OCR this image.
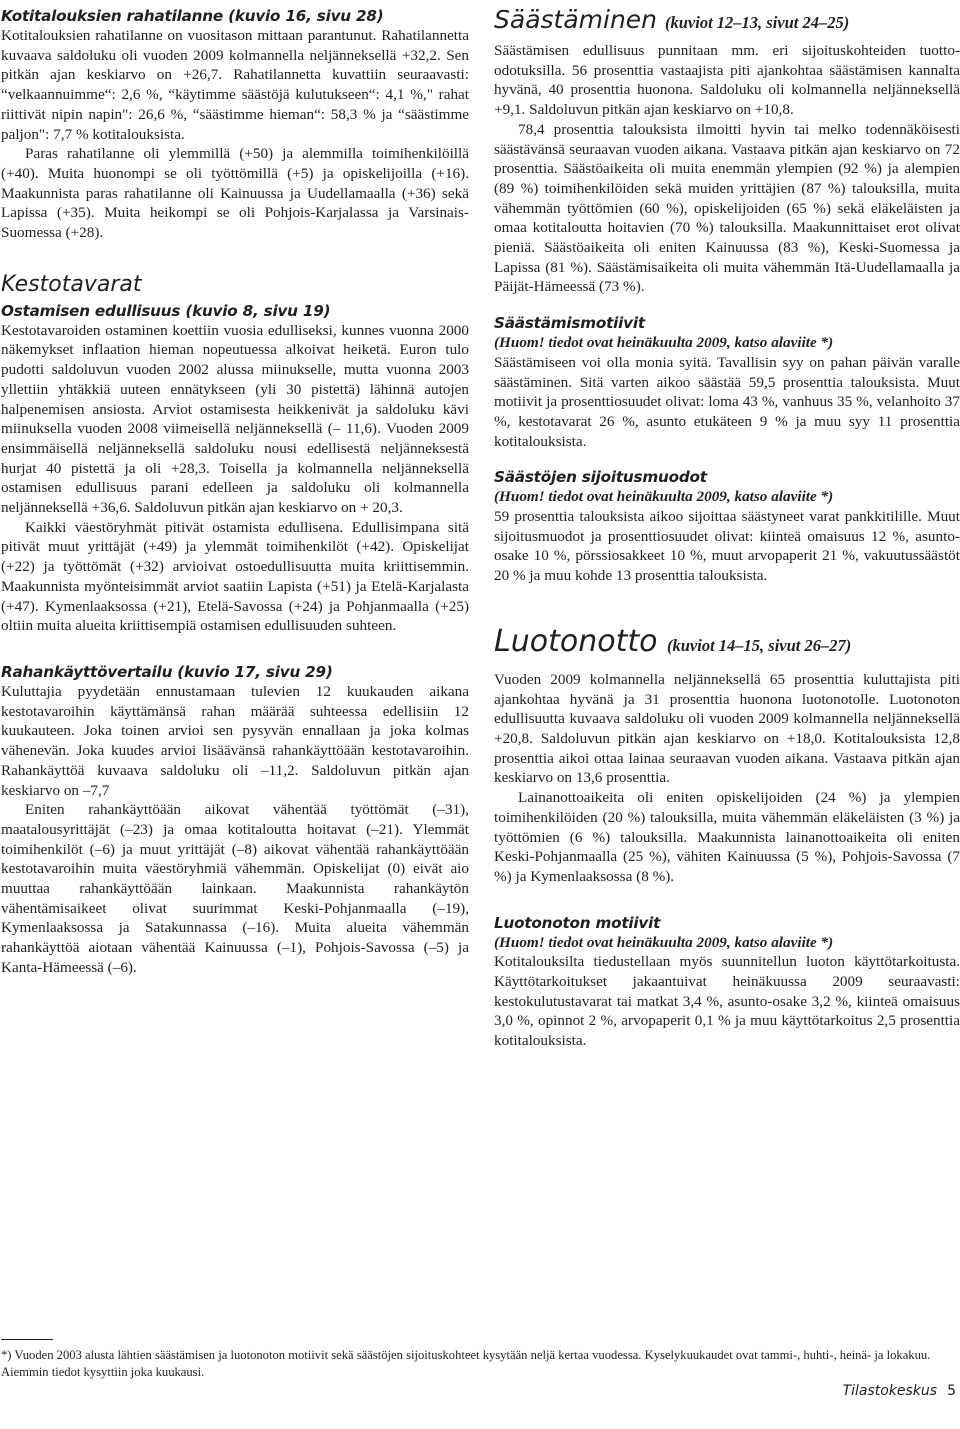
Kotitalouksien rahatilanne (kuvio 16, sivu 28)

Kotitalouksien rahatilanne on vuositason mittaan parantunut. Rahatilannetta kuvaava saldoluku oli vuoden 2009 kolmannella neljänneksellä +32,2. Sen pitkän ajan keskiarvo on +26,7. Rahatilannetta kuvattiin seuraavasti: “velkaannuimme“: 2,6 %, “käytimme säästöjä kulutukseen“: 4,1 %," rahat riittivät nipin napin": 26,6 %, “säästimme hieman“: 58,3 % ja “säästimme paljon": 7,7 % kotitalouksista.

Paras rahatilanne oli ylemmillä (+50) ja alemmilla toimihenkilöillä (+40). Muita huonompi se oli työttömillä (+5) ja opiskelijoilla (+16). Maakunnista paras rahatilanne oli Kainuussa ja Uudellamaalla (+36) sekä Lapissa (+35). Muita heikompi se oli Pohjois-Karjalassa ja Varsinais-Suomessa (+28).

Kestotavarat
Ostamisen edullisuus (kuvio 8, sivu 19)

Kestotavaroiden ostaminen koettiin vuosia edulliseksi, kunnes vuonna 2000 näkemykset inflaation hieman nopeutuessa alkoivat heiketä. Euron tulo pudotti saldoluvun vuoden 2002 alussa miinukselle, mutta vuonna 2003 yllettiin yhtäkkiä uuteen ennätykseen (yli 30 pistettä) lähinnä autojen halpenemisen ansiosta. Arviot ostamisesta heikkenivät ja saldoluku kävi miinuksella vuoden 2008 viimeisellä neljänneksellä (– 11,6). Vuoden 2009 ensimmäisellä neljänneksellä saldoluku nousi edellisestä neljänneksestä hurjat 40 pistettä ja oli +28,3. Toisella ja kolmannella neljänneksellä ostamisen edullisuus parani edelleen ja saldoluku oli kolmannella neljänneksellä +36,6. Saldoluvun pitkän ajan keskiarvo on + 20,3.

Kaikki väestöryhmät pitivät ostamista edullisena. Edullisimpana sitä pitivät muut yrittäjät (+49) ja ylemmät toimihenkilöt (+42). Opiskelijat (+22) ja työttömät (+32) arvioivat ostoedullisuutta muita kriittisemmin. Maakunnista myönteisimmät arviot saatiin Lapista (+51) ja Etelä-Karjalasta (+47). Kymenlaaksossa (+21), Etelä-Savossa (+24) ja Pohjanmaalla (+25) oltiin muita alueita kriittisempiä ostamisen edullisuuden suhteen.

Rahankäyttövertailu (kuvio 17, sivu 29)

Kuluttajia pyydetään ennustamaan tulevien 12 kuukauden aikana kestotavaroihin käyttämänsä rahan määrää suhteessa edellisiin 12 kuukauteen. Joka toinen arvioi sen pysyvän ennallaan ja joka kolmas vähenevän. Joka kuudes arvioi lisäävänsä rahankäyttöään kestotavaroihin. Rahankäyttöä kuvaava saldoluku oli –11,2. Saldoluvun pitkän ajan keskiarvo on –7,7

Eniten rahankäyttöään aikovat vähentää työttömät (–31), maatalousyrittäjät (–23) ja omaa kotitaloutta hoitavat (–21). Ylemmät toimihenkilöt (–6) ja muut yrittäjät (–8) aikovat vähentää rahankäyttöään kestotavaroihin muita väestöryhmiä vähemmän. Opiskelijat (0) eivät aio muuttaa rahankäyttöään lainkaan. Maakunnista rahankäytön vähentämisaikeet olivat suurimmat Keski-Pohjanmaalla (–19), Kymenlaaksossa ja Satakunnassa (–16). Muita alueita vähemmän rahankäyttöä aiotaan vähentää Kainuussa (–1), Pohjois-Savossa (–5) ja Kanta-Hämeessä (–6).

Säästäminen (kuviot 12–13, sivut 24–25)

Säästämisen edullisuus punnitaan mm. eri sijoituskohteiden tuotto-odotuksilla. 56 prosenttia vastaajista piti ajankohtaa säästämisen kannalta hyvänä, 40 prosenttia huonona. Saldoluku oli kolmannella neljänneksellä +9,1. Saldoluvun pitkän ajan keskiarvo on +10,8.

78,4 prosenttia talouksista ilmoitti hyvin tai melko todennäköisesti säästävänsä seuraavan vuoden aikana. Vastaava pitkän ajan keskiarvo on 72 prosenttia. Säästöaikeita oli muita enemmän ylempien (92 %) ja alempien (89 %) toimihenkilöiden sekä muiden yrittäjien (87 %) talouksilla, muita vähemmän työttömien (60 %), opiskelijoiden (65 %) sekä eläkeläisten ja omaa kotitaloutta hoitavien (70 %) talouksilla. Maakunnittaiset erot olivat pieniä. Säästöaikeita oli eniten Kainuussa (83 %), Keski-Suomessa ja Lapissa (81 %). Säästämisaikeita oli muita vähemmän Itä-Uudellamaalla ja Päijät-Hämeessä (73 %).

Säästämismotiivit

(Huom! tiedot ovat heinäkuulta 2009, katso alaviite *)

Säästämiseen voi olla monia syitä. Tavallisin syy on pahan päivän varalle säästäminen. Sitä varten aikoo säästää 59,5 prosenttia talouksista. Muut motiivit ja prosenttiosuudet olivat: loma 43 %, vanhuus 35 %, velanhoito 37 %, kestotavarat 26 %, asunto etukäteen 9 % ja muu syy 11 prosenttia kotitalouksista.

Säästöjen sijoitusmuodot

(Huom! tiedot ovat heinäkuulta 2009, katso alaviite *)

59 prosenttia talouksista aikoo sijoittaa säästyneet varat pankkitilille. Muut sijoitusmuodot ja prosenttiosuudet olivat: kiinteä omaisuus 12 %, asunto-osake 10 %, pörssiosakkeet 10 %, muut arvopaperit 21 %, vakuutussäästöt 20 % ja muu kohde 13 prosenttia talouksista.

Luotonotto (kuviot 14–15, sivut 26–27)

Vuoden 2009 kolmannella neljänneksellä 65 prosenttia kuluttajista piti ajankohtaa hyvänä ja 31 prosenttia huonona luotonotolle. Luotonoton edullisuutta kuvaava saldoluku oli vuoden 2009 kolmannella neljänneksellä +20,8. Saldoluvun pitkän ajan keskiarvo on +18,0. Kotitalouksista 12,8 prosenttia aikoi ottaa lainaa seuraavan vuoden aikana. Vastaava pitkän ajan keskiarvo on 13,6 prosenttia.

Lainanottoaikeita oli eniten opiskelijoiden (24 %) ja ylempien toimihenkilöiden (20 %) talouksilla, muita vähemmän eläkeläisten (3 %) ja työttömien (6 %) talouksilla. Maakunnista lainanottoaikeita oli eniten Keski-Pohjanmaalla (25 %), vähiten Kainuussa (5 %), Pohjois-Savossa (7 %) ja Kymenlaaksossa (8 %).

Luotonoton motiivit

(Huom! tiedot ovat heinäkuulta 2009, katso alaviite *)

Kotitalouksilta tiedustellaan myös suunnitellun luoton käyttötarkoitusta. Käyttötarkoitukset jakaantuivat heinäkuussa 2009 seuraavasti: kestokulutustavarat tai matkat 3,4 %, asunto-osake 3,2 %, kiinteä omaisuus 3,0 %, opinnot 2 %, arvopaperit 0,1 % ja muu käyttötarkoitus 2,5 prosenttia kotitalouksista.

*) Vuoden 2003 alusta lähtien säästämisen ja luotonoton motiivit sekä säästöjen sijoituskohteet kysytään neljä kertaa vuodessa. Kyselykuukaudet ovat tammi-, huhti-, heinä- ja lokakuu. Aiemmin tiedot kysyttiin joka kuukausi.

Tilastokeskus 5
